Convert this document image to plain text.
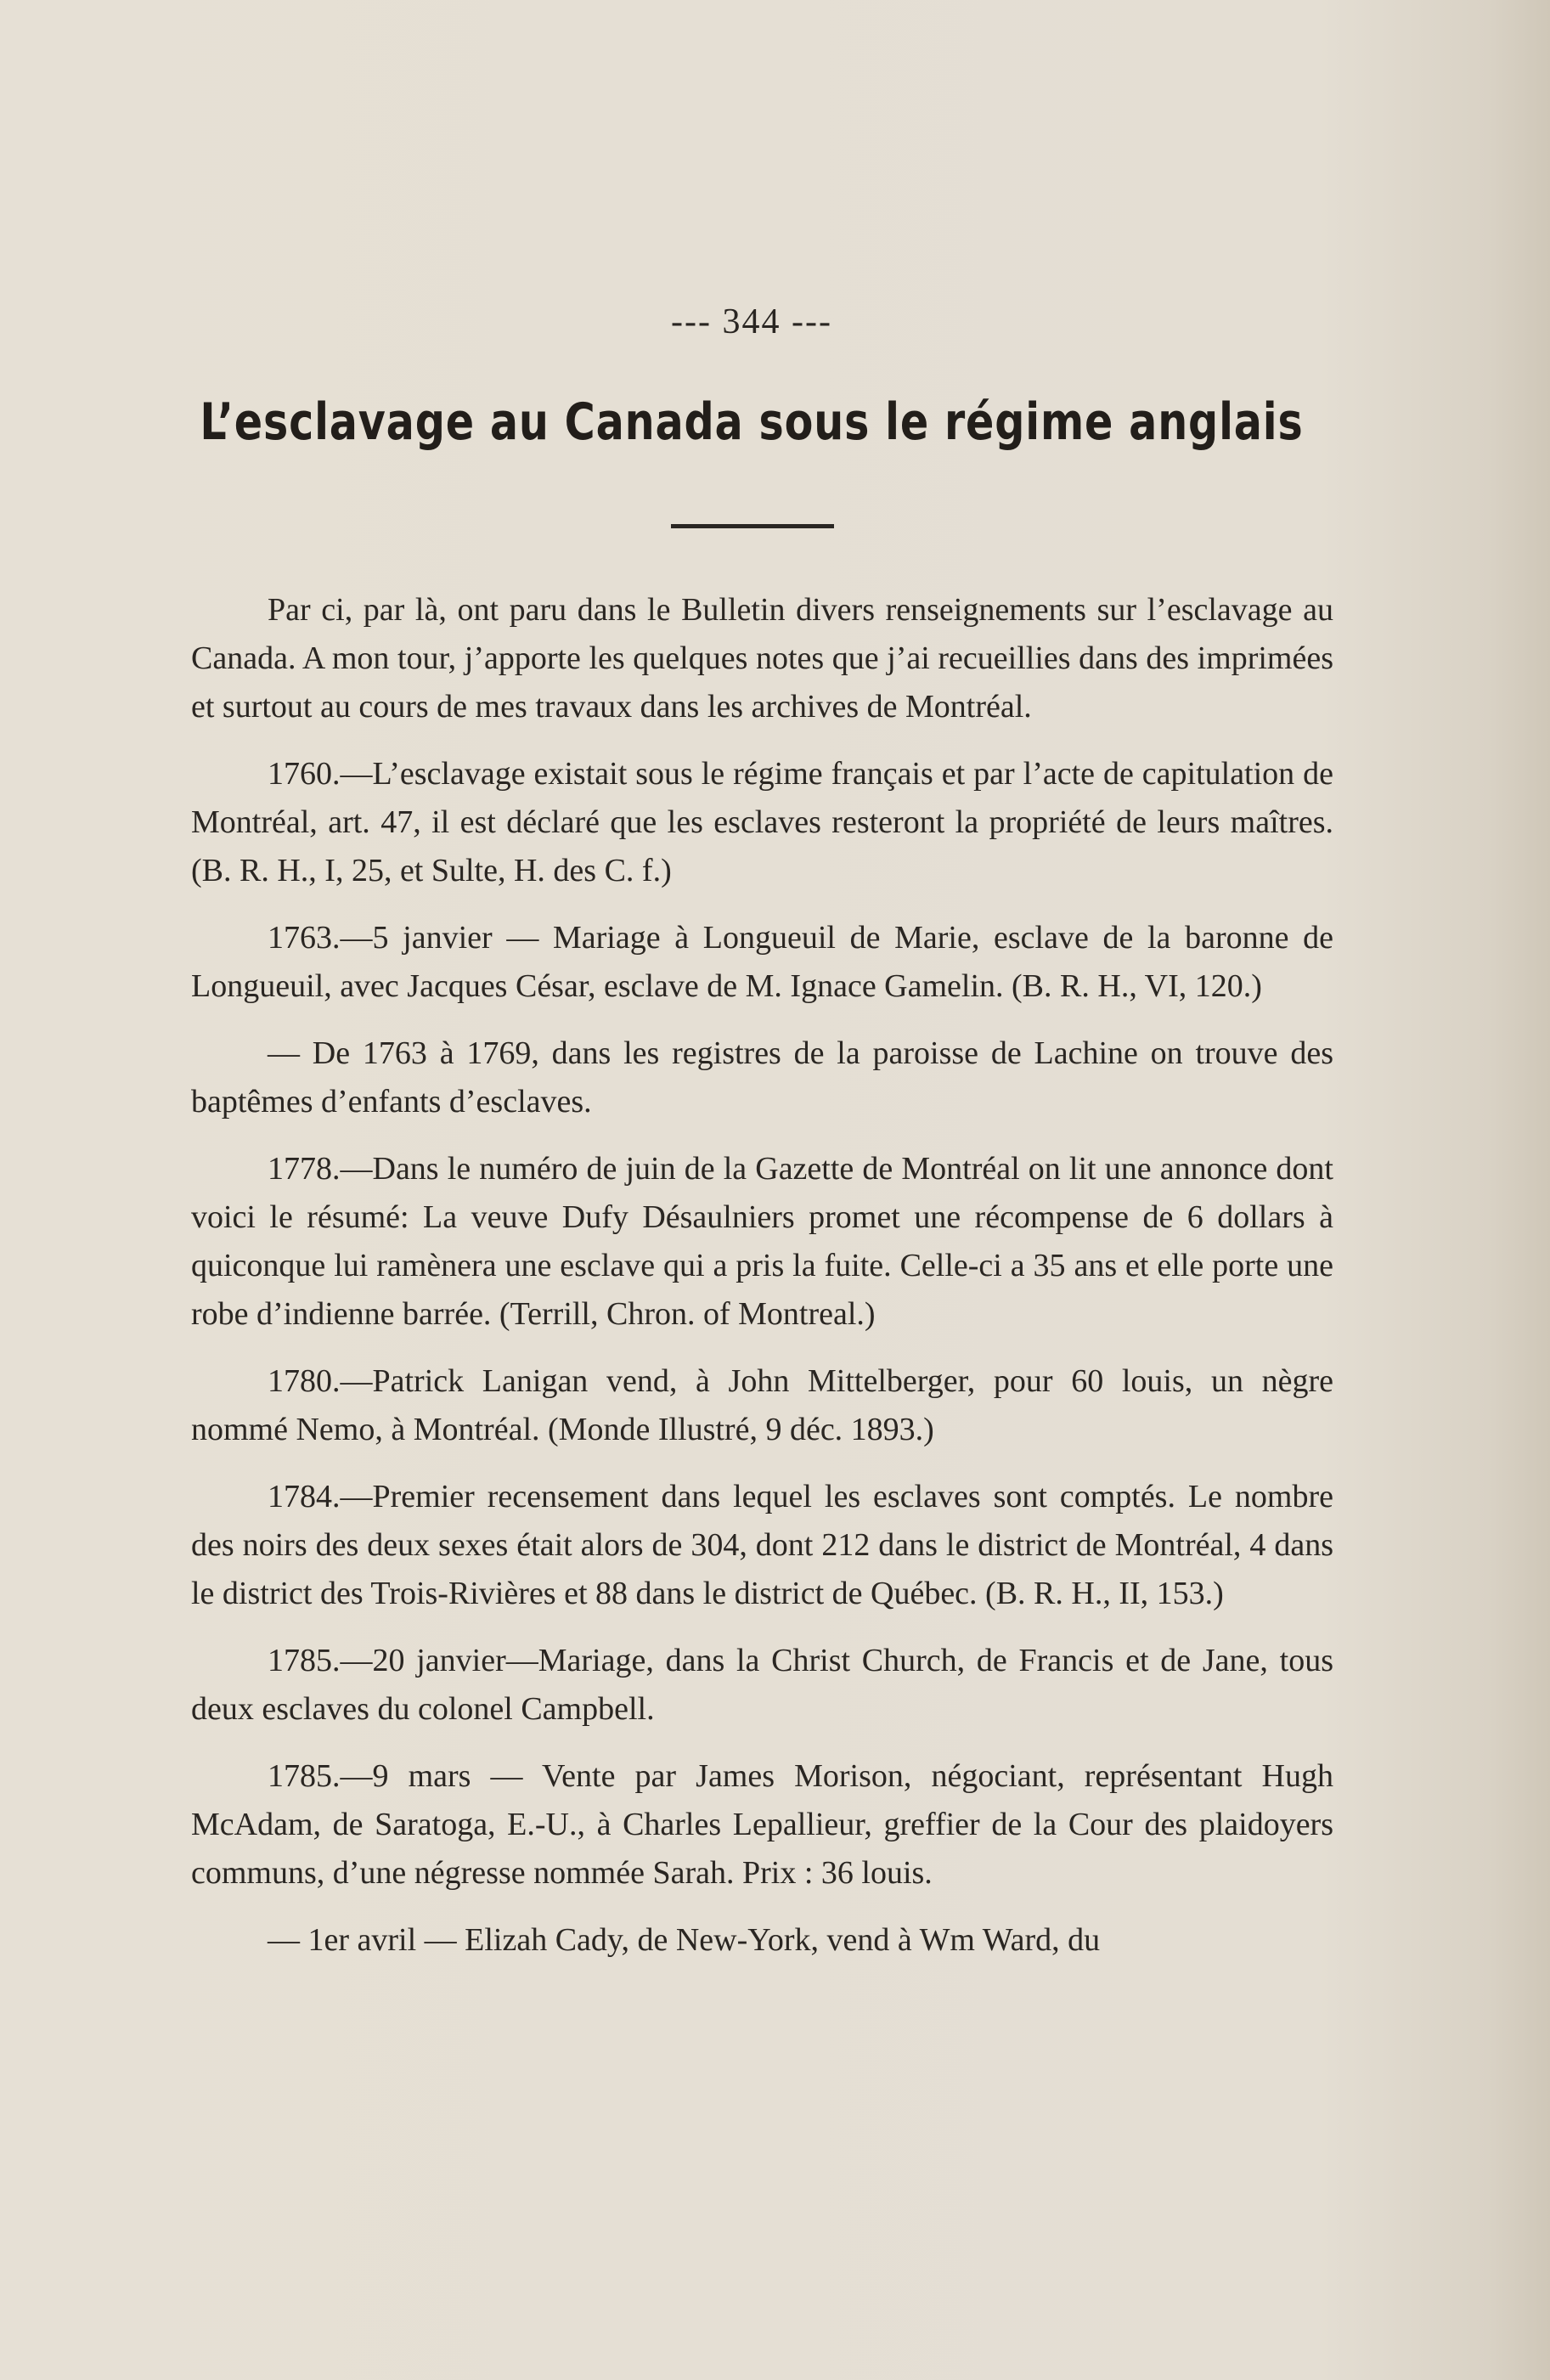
--- 344 ---
L’esclavage au Canada sous le régime anglais

Par ci, par là, ont paru dans le Bulletin divers renseignements sur l’esclavage au Canada. A mon tour, j’apporte les quelques notes que j’ai recueillies dans des imprimées et surtout au cours de mes travaux dans les archives de Montréal.

1760.—L’esclavage existait sous le régime français et par l’acte de capitulation de Montréal, art. 47, il est déclaré que les esclaves resteront la propriété de leurs maîtres. (B. R. H., I, 25, et Sulte, H. des C. f.)

1763.—5 janvier — Mariage à Longueuil de Marie, esclave de la baronne de Longueuil, avec Jacques César, esclave de M. Ignace Gamelin. (B. R. H., VI, 120.)

— De 1763 à 1769, dans les registres de la paroisse de Lachine on trouve des baptêmes d’enfants d’esclaves.

1778.—Dans le numéro de juin de la Gazette de Montréal on lit une annonce dont voici le résumé: La veuve Dufy Désaulniers promet une récompense de 6 dollars à quiconque lui ramènera une esclave qui a pris la fuite. Celle-ci a 35 ans et elle porte une robe d’indienne barrée. (Terrill, Chron. of Montreal.)

1780.—Patrick Lanigan vend, à John Mittelberger, pour 60 louis, un nègre nommé Nemo, à Montréal. (Monde Illustré, 9 déc. 1893.)

1784.—Premier recensement dans lequel les esclaves sont comptés. Le nombre des noirs des deux sexes était alors de 304, dont 212 dans le district de Montréal, 4 dans le district des Trois-Rivières et 88 dans le district de Québec. (B. R. H., II, 153.)

1785.—20 janvier—Mariage, dans la Christ Church, de Francis et de Jane, tous deux esclaves du colonel Campbell.

1785.—9 mars — Vente par James Morison, négociant, représentant Hugh McAdam, de Saratoga, E.-U., à Charles Lepallieur, greffier de la Cour des plaidoyers communs, d’une négresse nommée Sarah. Prix : 36 louis.

— 1er avril — Elizah Cady, de New-York, vend à Wm Ward, du
